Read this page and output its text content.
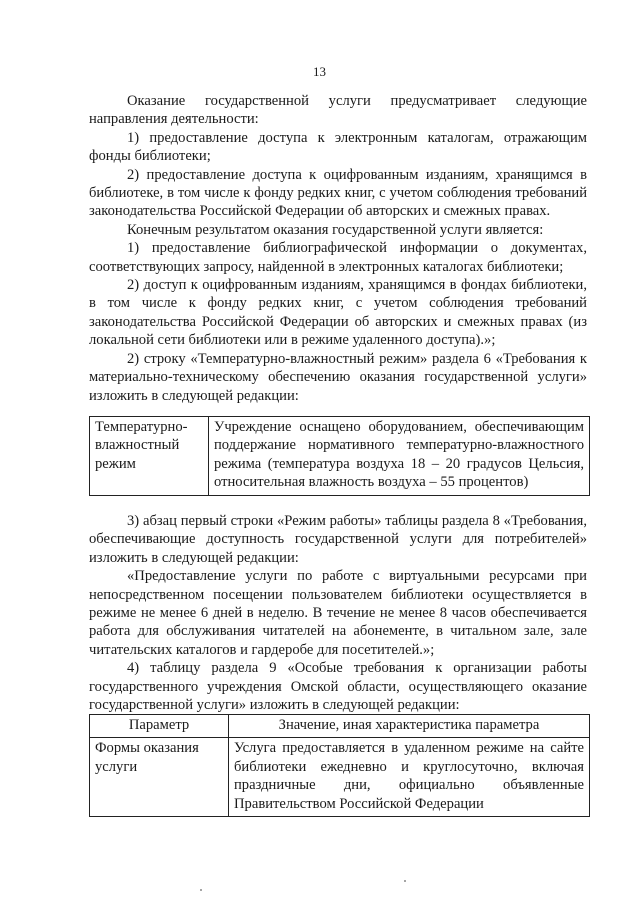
13

Оказание государственной услуги предусматривает следующие направления деятельности:

1) предоставление доступа к электронным каталогам, отражающим фонды библиотеки;

2) предоставление доступа к оцифрованным изданиям, хранящимся в библиотеке, в том числе к фонду редких книг, с учетом соблюдения требований законодательства Российской Федерации об авторских и смежных правах.

Конечным результатом оказания государственной услуги является:

1) предоставление библиографической информации о документах, соответствующих запросу, найденной в электронных каталогах библиотеки;

2) доступ к оцифрованным изданиям, хранящимся в фондах библиотеки, в том числе к фонду редких книг, с учетом соблюдения требований законодательства Российской Федерации об авторских и смежных правах (из локальной сети библиотеки или в режиме удаленного доступа).»;

2) строку «Температурно-влажностный режим» раздела 6 «Требования к материально-техническому обеспечению оказания государственной услуги» изложить в следующей редакции:

Температурно-влажностный режим	Учреждение оснащено оборудованием, обеспечивающим поддержание нормативного температурно-влажностного режима (температура воздуха 18 – 20 градусов Цельсия, относительная влажность воздуха – 55 процентов)

3) абзац первый строки «Режим работы» таблицы раздела 8 «Требования, обеспечивающие доступность государственной услуги для потребителей» изложить в следующей редакции:

«Предоставление услуги по работе с виртуальными ресурсами при непосредственном посещении пользователем библиотеки осуществляется в режиме не менее 6 дней в неделю. В течение не менее 8 часов обеспечивается работа для обслуживания читателей на абонементе, в читальном зале, зале читательских каталогов и гардеробе для посетителей.»;

4) таблицу раздела 9 «Особые требования к организации работы государственного учреждения Омской области, осуществляющего оказание государственной услуги» изложить в следующей редакции:

Параметр	Значение, иная характеристика параметра
Формы оказания услуги	Услуга предоставляется в удаленном режиме на сайте библиотеки ежедневно и круглосуточно, включая праздничные дни, официально объявленные Правительством Российской Федерации
